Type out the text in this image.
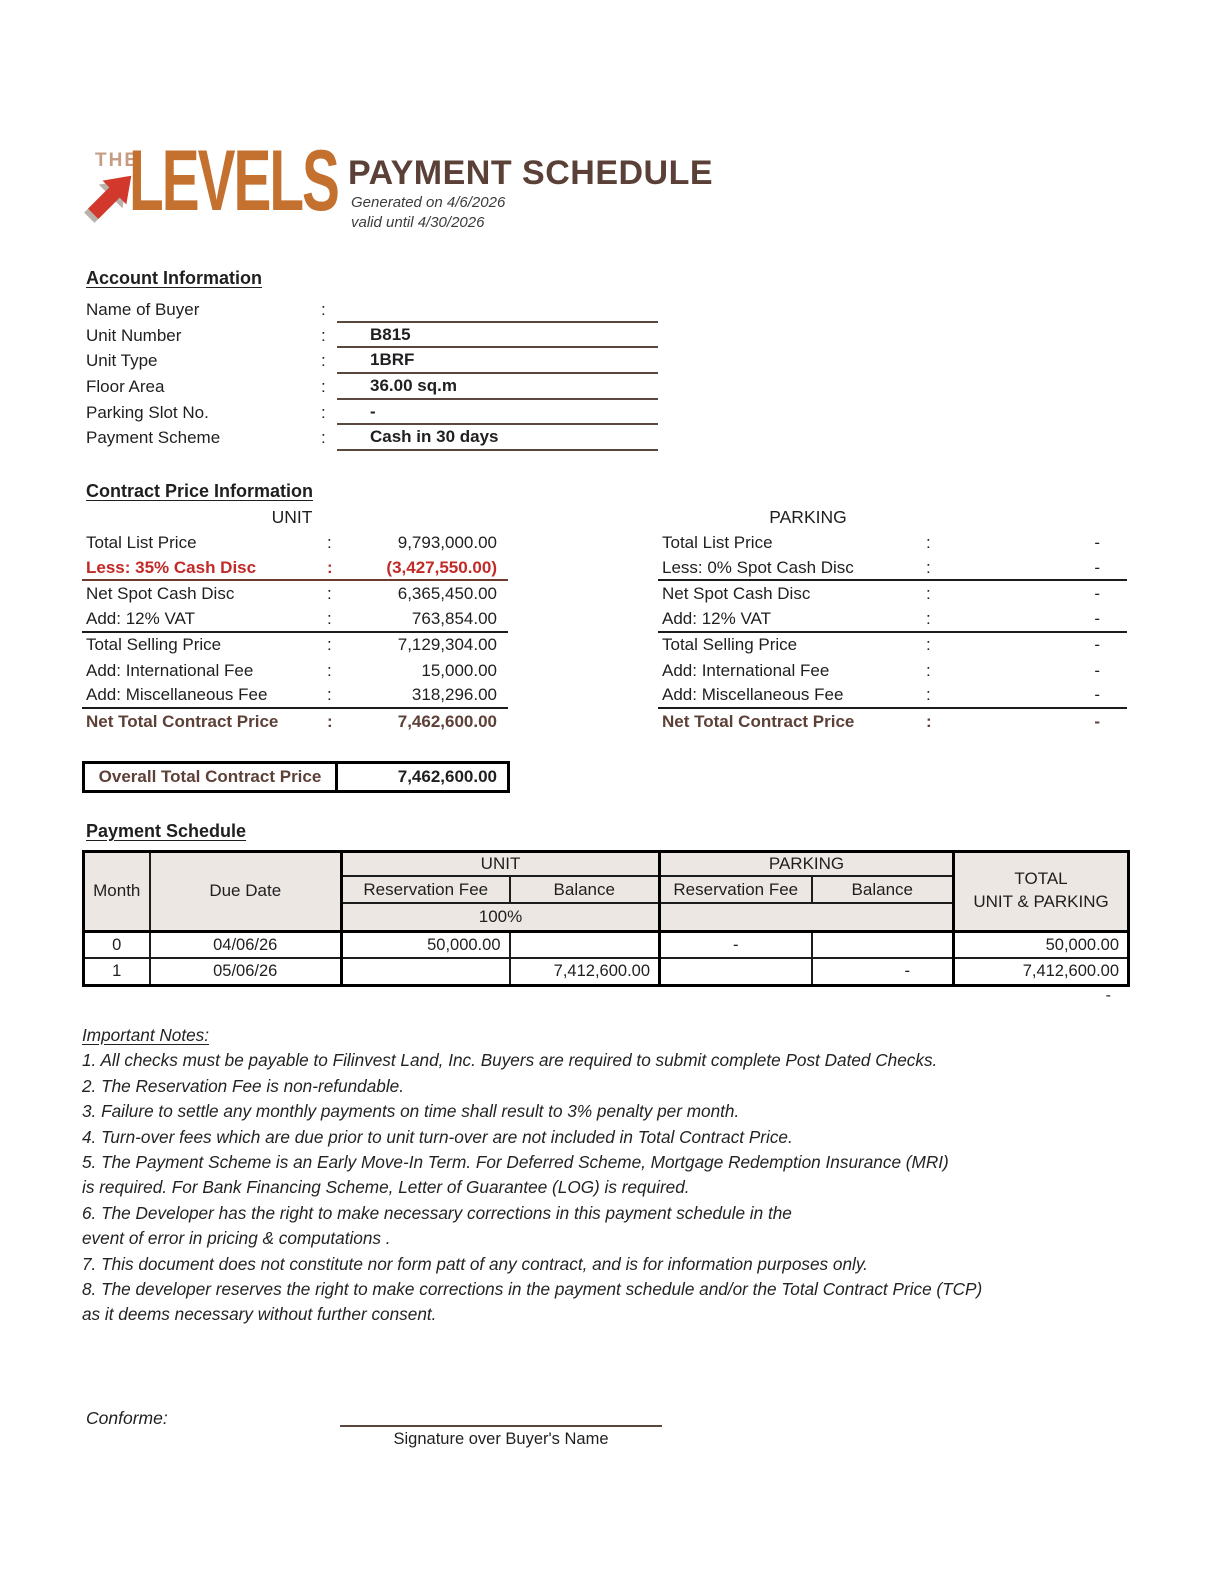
THE
LEVELS PAYMENT SCHEDULE
Generated on 4/6/2026
valid until 4/30/2026
Account Information
Name of Buyer	:
Unit Number	:	B815
Unit Type	:	1BRF
Floor Area	:	36.00 sq.m
Parking Slot No.	:	-
Payment Scheme	:	Cash in 30 days
Contract Price Information
UNIT
Total List Price	:	9,793,000.00
Less: 35% Cash Disc	:	(3,427,550.00)
Net Spot Cash Disc	:	6,365,450.00
Add: 12% VAT	:	763,854.00
Total Selling Price	:	7,129,304.00
Add: International Fee	:	15,000.00
Add: Miscellaneous Fee	:	318,296.00
Net Total Contract Price	:	7,462,600.00
PARKING
Total List Price	:	-
Less: 0% Spot Cash Disc	:	-
Net Spot Cash Disc	:	-
Add: 12% VAT	:	-
Total Selling Price	:	-
Add: International Fee	:	-
Add: Miscellaneous Fee	:	-
Net Total Contract Price	:	-
Overall Total Contract Price	7,462,600.00
Payment Schedule
Month	Due Date	UNIT		PARKING		TOTAL
UNIT & PARKING

		Reservation Fee	Balance	Reservation Fee	Balance	
		100%				
0	04/06/26	50,000.00		-		50,000.00
1	05/06/26		7,412,600.00		-	7,412,600.00
-
Important Notes:
1. All checks must be payable to Filinvest Land, Inc. Buyers are required to submit complete Post Dated Checks.
2. The Reservation Fee is non-refundable.
3. Failure to settle any monthly payments on time shall result to 3% penalty per month.
4. Turn-over fees which are due prior to unit turn-over are not included in Total Contract Price.
5. The Payment Scheme is an Early Move-In Term. For Deferred Scheme, Mortgage Redemption Insurance (MRI)
is required. For Bank Financing Scheme, Letter of Guarantee (LOG) is required.
6. The Developer has the right to make necessary corrections in this payment schedule in the
event of error in pricing & computations .
7. This document does not constitute nor form patt of any contract, and is for information purposes only.
8. The developer reserves the right to make corrections in the payment schedule and/or the Total Contract Price (TCP)
as it deems necessary without further consent.
Conforme:
Signature over Buyer's Name
